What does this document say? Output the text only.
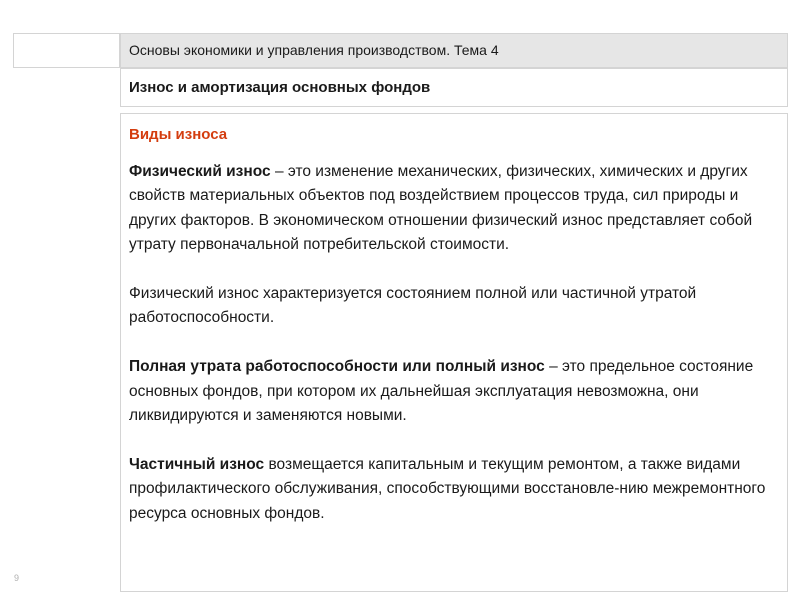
Основы экономики и управления производством. Тема 4
Износ и амортизация основных фондов
Виды износа

Физический износ – это изменение механических, физических, химических и других свойств материальных объектов под воздействием процессов труда, сил природы и других факторов. В экономическом отношении физический износ представляет собой утрату первоначальной потребительской стоимости.

Физический износ характеризуется состоянием полной или частичной утратой работоспособности.

Полная утрата работоспособности или полный износ – это предельное состояние основных фондов, при котором их дальнейшая эксплуатация невозможна, они ликвидируются и заменяются новыми.

Частичный износ возмещается капитальным и текущим ремонтом, а также видами профилактического обслуживания, способствующими восстановле-нию межремонтного ресурса основных фондов.

9
